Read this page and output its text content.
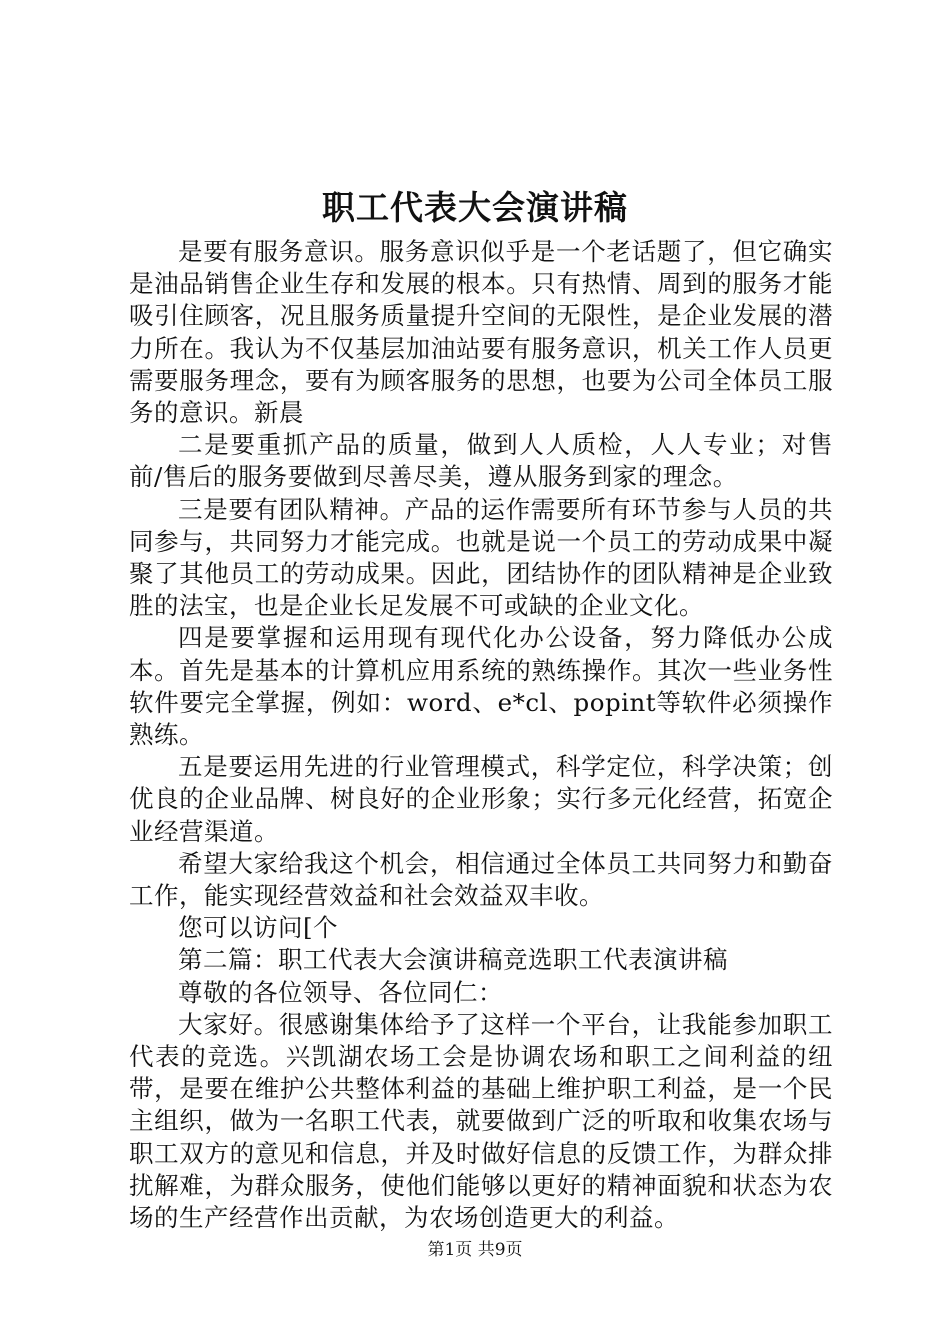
职工代表大会演讲稿

是要有服务意识。服务意识似乎是一个老话题了，但它确实是油品销售企业生存和发展的根本。只有热情、周到的服务才能吸引住顾客，况且服务质量提升空间的无限性，是企业发展的潜力所在。我认为不仅基层加油站要有服务意识，机关工作人员更需要服务理念，要有为顾客服务的思想，也要为公司全体员工服务的意识。新晨

二是要重抓产品的质量，做到人人质检，人人专业；对售前/售后的服务要做到尽善尽美，遵从服务到家的理念。

三是要有团队精神。产品的运作需要所有环节参与人员的共同参与，共同努力才能完成。也就是说一个员工的劳动成果中凝聚了其他员工的劳动成果。因此，团结协作的团队精神是企业致胜的法宝，也是企业长足发展不可或缺的企业文化。

四是要掌握和运用现有现代化办公设备，努力降低办公成本。首先是基本的计算机应用系统的熟练操作。其次一些业务性软件要完全掌握，例如：word、e*cl、popint等软件必须操作熟练。

五是要运用先进的行业管理模式，科学定位，科学决策；创优良的企业品牌、树良好的企业形象；实行多元化经营，拓宽企业经营渠道。

希望大家给我这个机会，相信通过全体员工共同努力和勤奋工作，能实现经营效益和社会效益双丰收。

您可以访问[个

第二篇：职工代表大会演讲稿竞选职工代表演讲稿

尊敬的各位领导、各位同仁：

大家好。很感谢集体给予了这样一个平台，让我能参加职工代表的竞选。兴凯湖农场工会是协调农场和职工之间利益的纽带，是要在维护公共整体利益的基础上维护职工利益，是一个民主组织，做为一名职工代表，就要做到广泛的听取和收集农场与职工双方的意见和信息，并及时做好信息的反馈工作，为群众排扰解难，为群众服务，使他们能够以更好的精神面貌和状态为农场的生产经营作出贡献，为农场创造更大的利益。

第1页 共9页
